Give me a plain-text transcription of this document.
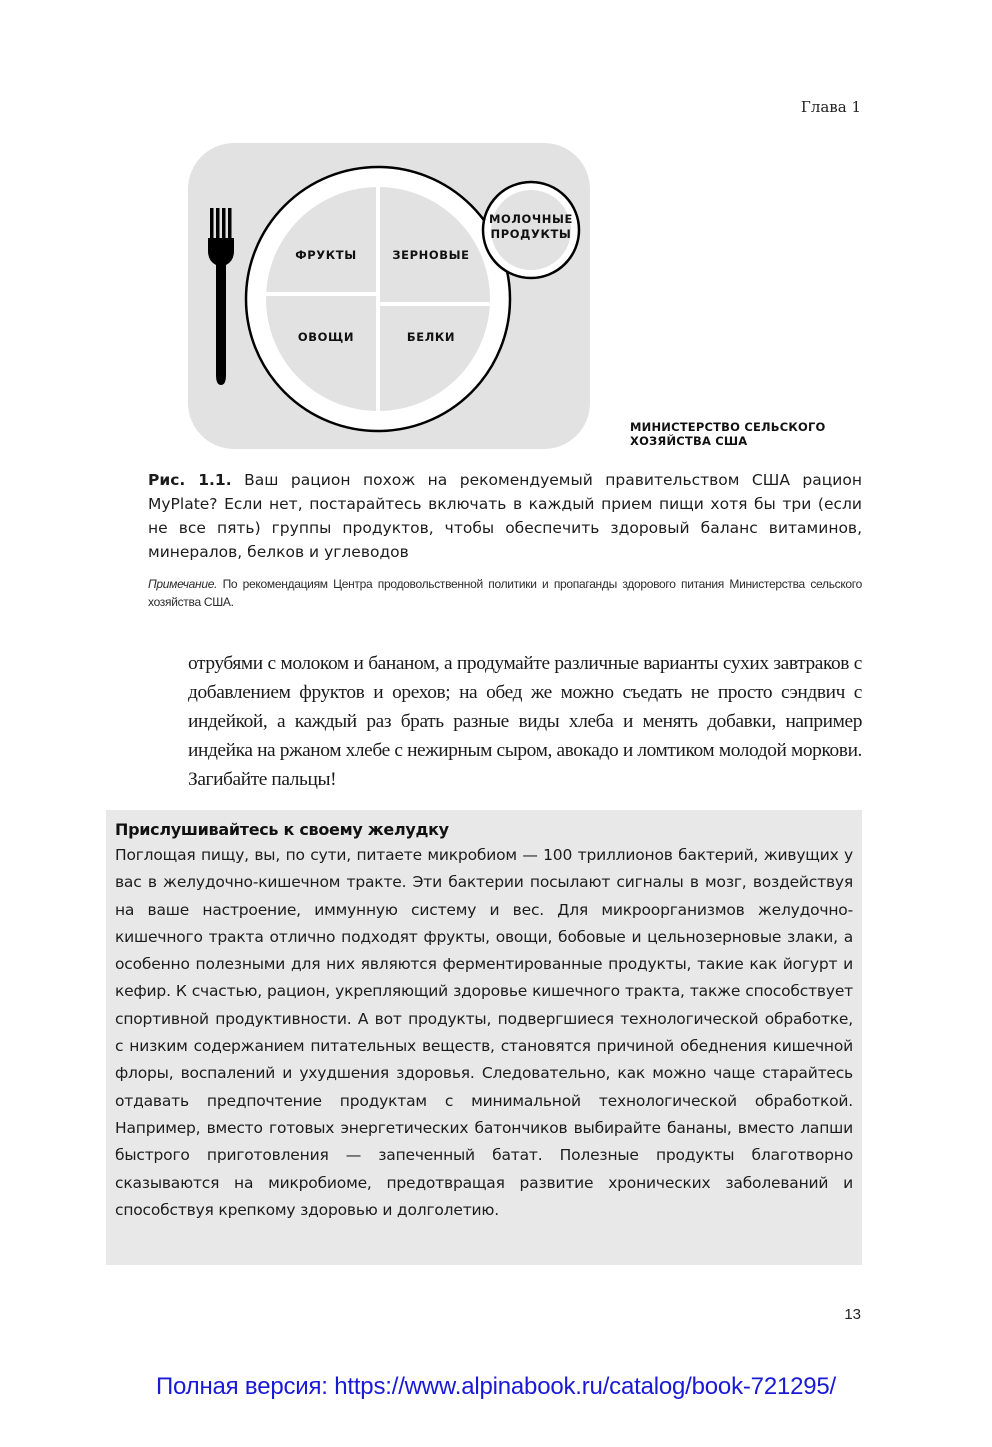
Глава 1
ФРУКТЫ	ЗЕРНОВЫЕ
ОВОЩИ	БЕЛКИ
МОЛОЧНЫЕ
ПРОДУКТЫ
МИНИСТЕРСТВО СЕЛЬСКОГО
ХОЗЯЙСТВА США
Рис. 1.1. Ваш рацион похож на рекомендуемый правительством США рацион MyPlate? Если нет, постарайтесь включать в каждый прием пищи хотя бы три (если не все пять) группы продуктов, чтобы обеспечить здоровый баланс витаминов, минералов, белков и углеводов
Примечание. По рекомендациям Центра продовольственной политики и пропаганды здорового питания Министерства сельского хозяйства США.
отрубями с молоком и бананом, а продумайте различные варианты сухих завтраков с добавлением фруктов и орехов; на обед же можно съедать не просто сэндвич с индейкой, а каждый раз брать разные виды хлеба и менять добавки, например индейка на ржаном хлебе с нежирным сыром, авокадо и ломтиком молодой моркови. Загибайте пальцы!
Прислушивайтесь к своему желудку
Поглощая пищу, вы, по сути, питаете микробиом — 100 триллионов бактерий, живущих у вас в желудочно-кишечном тракте. Эти бактерии посылают сигналы в мозг, воздействуя на ваше настроение, иммунную систему и вес. Для микроорганизмов желудочно-кишечного тракта отлично подходят фрукты, овощи, бобовые и цельнозерновые злаки, а особенно полезными для них являются ферментированные продукты, такие как йогурт и кефир. К счастью, рацион, укрепляющий здоровье кишечного тракта, также способствует спортивной продуктивности. А вот продукты, подвергшиеся технологической обработке, с низким содержанием питательных веществ, становятся причиной обеднения кишечной флоры, воспалений и ухудшения здоровья. Следовательно, как можно чаще старайтесь отдавать предпочтение продуктам с минимальной технологической обработкой. Например, вместо готовых энергетических батончиков выбирайте бананы, вместо лапши быстрого приготовления — запеченный батат. Полезные продукты благотворно сказываются на микробиоме, предотвращая развитие хронических заболеваний и способствуя крепкому здоровью и долголетию.
13
Полная версия: https://www.alpinabook.ru/catalog/book-721295/
